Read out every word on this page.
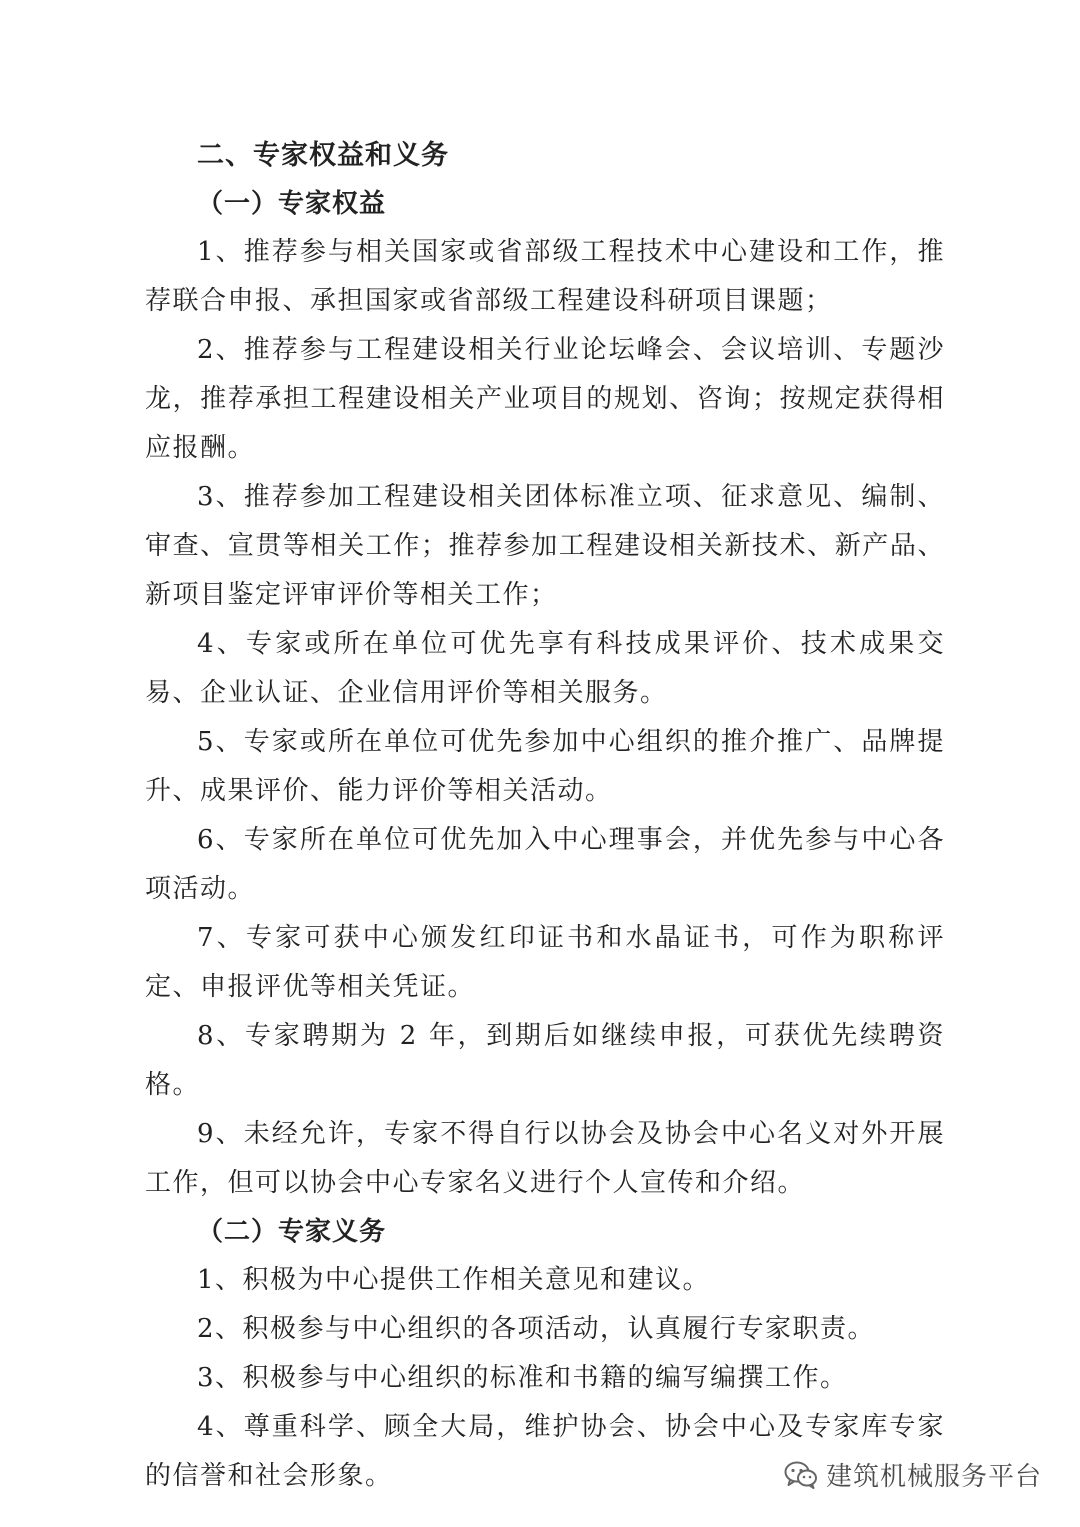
二、专家权益和义务

（一）专家权益

1、推荐参与相关国家或省部级工程技术中心建设和工作，推荐联合申报、承担国家或省部级工程建设科研项目课题；

2、推荐参与工程建设相关行业论坛峰会、会议培训、专题沙龙，推荐承担工程建设相关产业项目的规划、咨询；按规定获得相应报酬。

3、推荐参加工程建设相关团体标准立项、征求意见、编制、审查、宣贯等相关工作；推荐参加工程建设相关新技术、新产品、新项目鉴定评审评价等相关工作；

4、专家或所在单位可优先享有科技成果评价、技术成果交易、企业认证、企业信用评价等相关服务。

5、专家或所在单位可优先参加中心组织的推介推广、品牌提升、成果评价、能力评价等相关活动。

6、专家所在单位可优先加入中心理事会，并优先参与中心各项活动。

7、专家可获中心颁发红印证书和水晶证书，可作为职称评定、申报评优等相关凭证。

8、专家聘期为 2 年，到期后如继续申报，可获优先续聘资格。

9、未经允许，专家不得自行以协会及协会中心名义对外开展工作，但可以协会中心专家名义进行个人宣传和介绍。

（二）专家义务

1、积极为中心提供工作相关意见和建议。

2、积极参与中心组织的各项活动，认真履行专家职责。

3、积极参与中心组织的标准和书籍的编写编撰工作。

4、尊重科学、顾全大局，维护协会、协会中心及专家库专家的信誉和社会形象。	建筑机械服务平台
